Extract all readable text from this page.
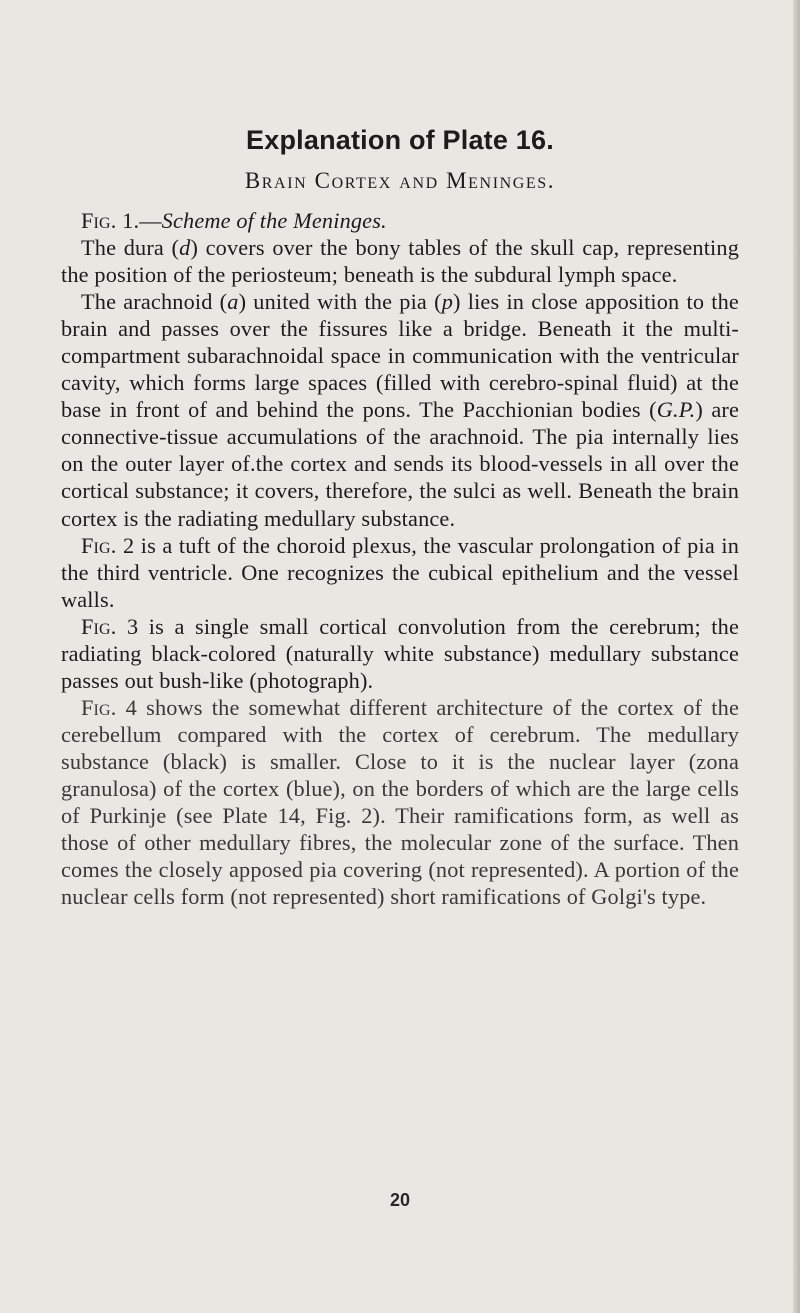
Explanation of Plate 16.
Brain Cortex and Meninges.

Fig. 1.—Scheme of the Meninges.

The dura (d) covers over the bony tables of the skull cap, representing the position of the periosteum; beneath is the subdural lymph space.

The arachnoid (a) united with the pia (p) lies in close apposition to the brain and passes over the fissures like a bridge. Beneath it the multi-compartment subarachnoidal space in communication with the ventricular cavity, which forms large spaces (filled with cerebro-spinal fluid) at the base in front of and behind the pons. The Pacchionian bodies (G.P.) are connective-tissue accumulations of the arachnoid. The pia internally lies on the outer layer of.the cortex and sends its blood-vessels in all over the cortical substance; it covers, therefore, the sulci as well. Beneath the brain cortex is the radiating medullary substance.

Fig. 2 is a tuft of the choroid plexus, the vascular prolongation of pia in the third ventricle. One recognizes the cubical epithelium and the vessel walls.

Fig. 3 is a single small cortical convolution from the cerebrum; the radiating black-colored (naturally white substance) medullary substance passes out bush-like (photograph).

Fig. 4 shows the somewhat different architecture of the cortex of the cerebellum compared with the cortex of cerebrum. The medullary substance (black) is smaller. Close to it is the nuclear layer (zona granulosa) of the cortex (blue), on the borders of which are the large cells of Purkinje (see Plate 14, Fig. 2). Their ramifications form, as well as those of other medullary fibres, the molecular zone of the surface. Then comes the closely apposed pia covering (not represented). A portion of the nuclear cells form (not represented) short ramifications of Golgi's type.

20
